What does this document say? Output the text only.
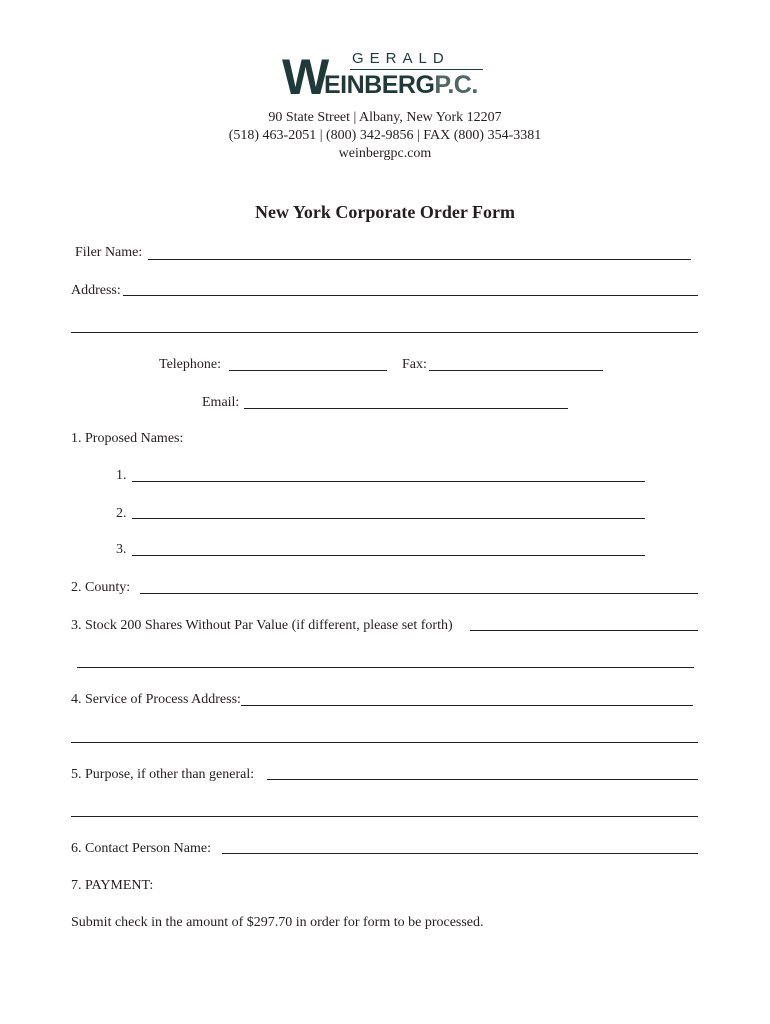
GERALD
W
EINBERGP.C.
90 State Street | Albany, New York 12207
(518) 463-2051 | (800) 342-9856 | FAX (800) 354-3381
weinbergpc.com
New York Corporate Order Form
Filer Name:
Address:
Telephone:	Fax:
Email:
1. Proposed Names:
1.
2.
3.
2. County:
3. Stock 200 Shares Without Par Value (if different, please set forth)
4. Service of Process Address:
5. Purpose, if other than general:
6. Contact Person Name:
7. PAYMENT:
Submit check in the amount of $297.70 in order for form to be processed.
